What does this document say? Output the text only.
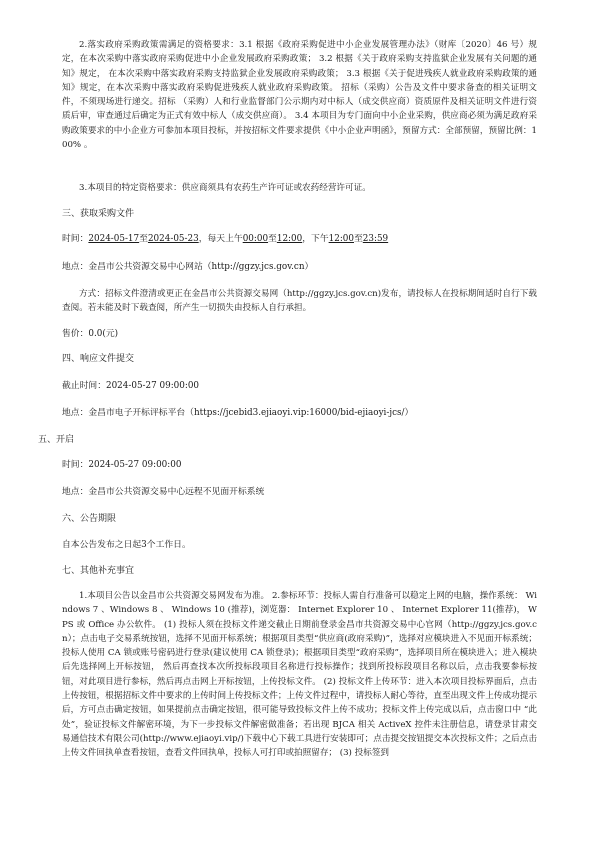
2.落实政府采购政策需满足的资格要求：3.1 根据《政府采购促进中小企业发展管理办法》（财库〔2020〕46 号）规定，在本次采购中落实政府采购促进中小企业发展政府采购政策； 3.2 根据《关于政府采购支持监狱企业发展有关问题的通知》规定， 在本次采购中落实政府采购支持监狱企业发展政府采购政策； 3.3 根据《关于促进残疾人就业政府采购政策的通知》规定，在本次采购中落实政府采购促进残疾人就业政府采购政策。 招标（采购）公告及文件中要求备查的相关证明文件，不须现场进行递交。招标 （采购）人和行业监督部门公示期内对中标人（成交供应商）资质原件及相关证明文件进行资质后审，审查通过后确定为正式有效中标人（成交供应商）。 3.4 本项目为专门面向中小企业采购，供应商必须为满足政府采购政策要求的中小企业方可参加本项目投标，并按招标文件要求提供《中小企业声明函》，预留方式：全部预留，预留比例：100% 。

3.本项目的特定资格要求：供应商须具有农药生产许可证或农药经营许可证。

三、获取采购文件
时间：2024-05-17至2024-05-23，每天上午00:00至12:00，下午12:00至23:59
地点：金昌市公共资源交易中心网站（http://ggzy.jcs.gov.cn）

方式：招标文件澄清或更正在金昌市公共资源交易网（http://ggzy.jcs.gov.cn)发布，请投标人在投标期间适时自行下载查阅。若未能及时下载查阅，所产生一切损失由投标人自行承担。

售价：0.0(元)
四、响应文件提交
截止时间：2024-05-27 09:00:00
地点：金昌市电子开标评标平台（https://jcebid3.ejiaoyi.vip:16000/bid-ejiaoyi-jcs/）
五、开启
时间：2024-05-27 09:00:00
地点：金昌市公共资源交易中心远程不见面开标系统
六、公告期限
自本公告发布之日起3个工作日。
七、其他补充事宜

1.本项目公告以金昌市公共资源交易网发布为准。 2.参标环节：投标人需自行准备可以稳定上网的电脑，操作系统： Windows 7 、Windows 8 、 Windows 10 (推荐)，浏览器： Internet Explorer 10 、 Internet Explorer 11(推荐)， WPS 或 Office 办公软件。 (1) 投标人须在投标文件递交截止日期前登录金昌市共资源交易中心官网（http://ggzy.jcs.gov.cn）；点击电子交易系统按钮，选择不见面开标系统；根据项目类型“供应商(政府采购)”，选择对应模块进入不见面开标系统；投标人使用 CA 锁或账号密码进行登录(建议使用 CA 锁登录)；根据项目类型“政府采购”，选择项目所在模块进入；进入模块后先选择网上开标按钮， 然后再查找本次所投标段项目名称进行投标操作；找到所投标段项目名称以后，点击我要参标按钮，对此项目进行参标，然后再点击网上开标按钮，上传投标文件。 (2) 投标文件上传环节：进入本次项目投标界面后，点击上传按钮，根据招标文件中要求的上传时间上传投标文件；上传文件过程中，请投标人耐心等待，直至出现文件上传成功提示后，方可点击确定按钮，如果提前点击确定按钮，很可能导致投标文件上传不成功；投标文件上传完成以后，点击窗口中 “此处”，验证投标文件解密环境，为下一步投标文件解密做准备；若出现 BJCA 相关 ActiveX 控件未注册信息，请登录甘肃交易通信技术有限公司(http://www.ejiaoyi.vip/)下载中心下载工具进行安装即可；点击提交按钮提交本次投标文件；之后点击上传文件回执单查看按钮，查看文件回执单，投标人可打印或拍照留存； (3) 投标签到
